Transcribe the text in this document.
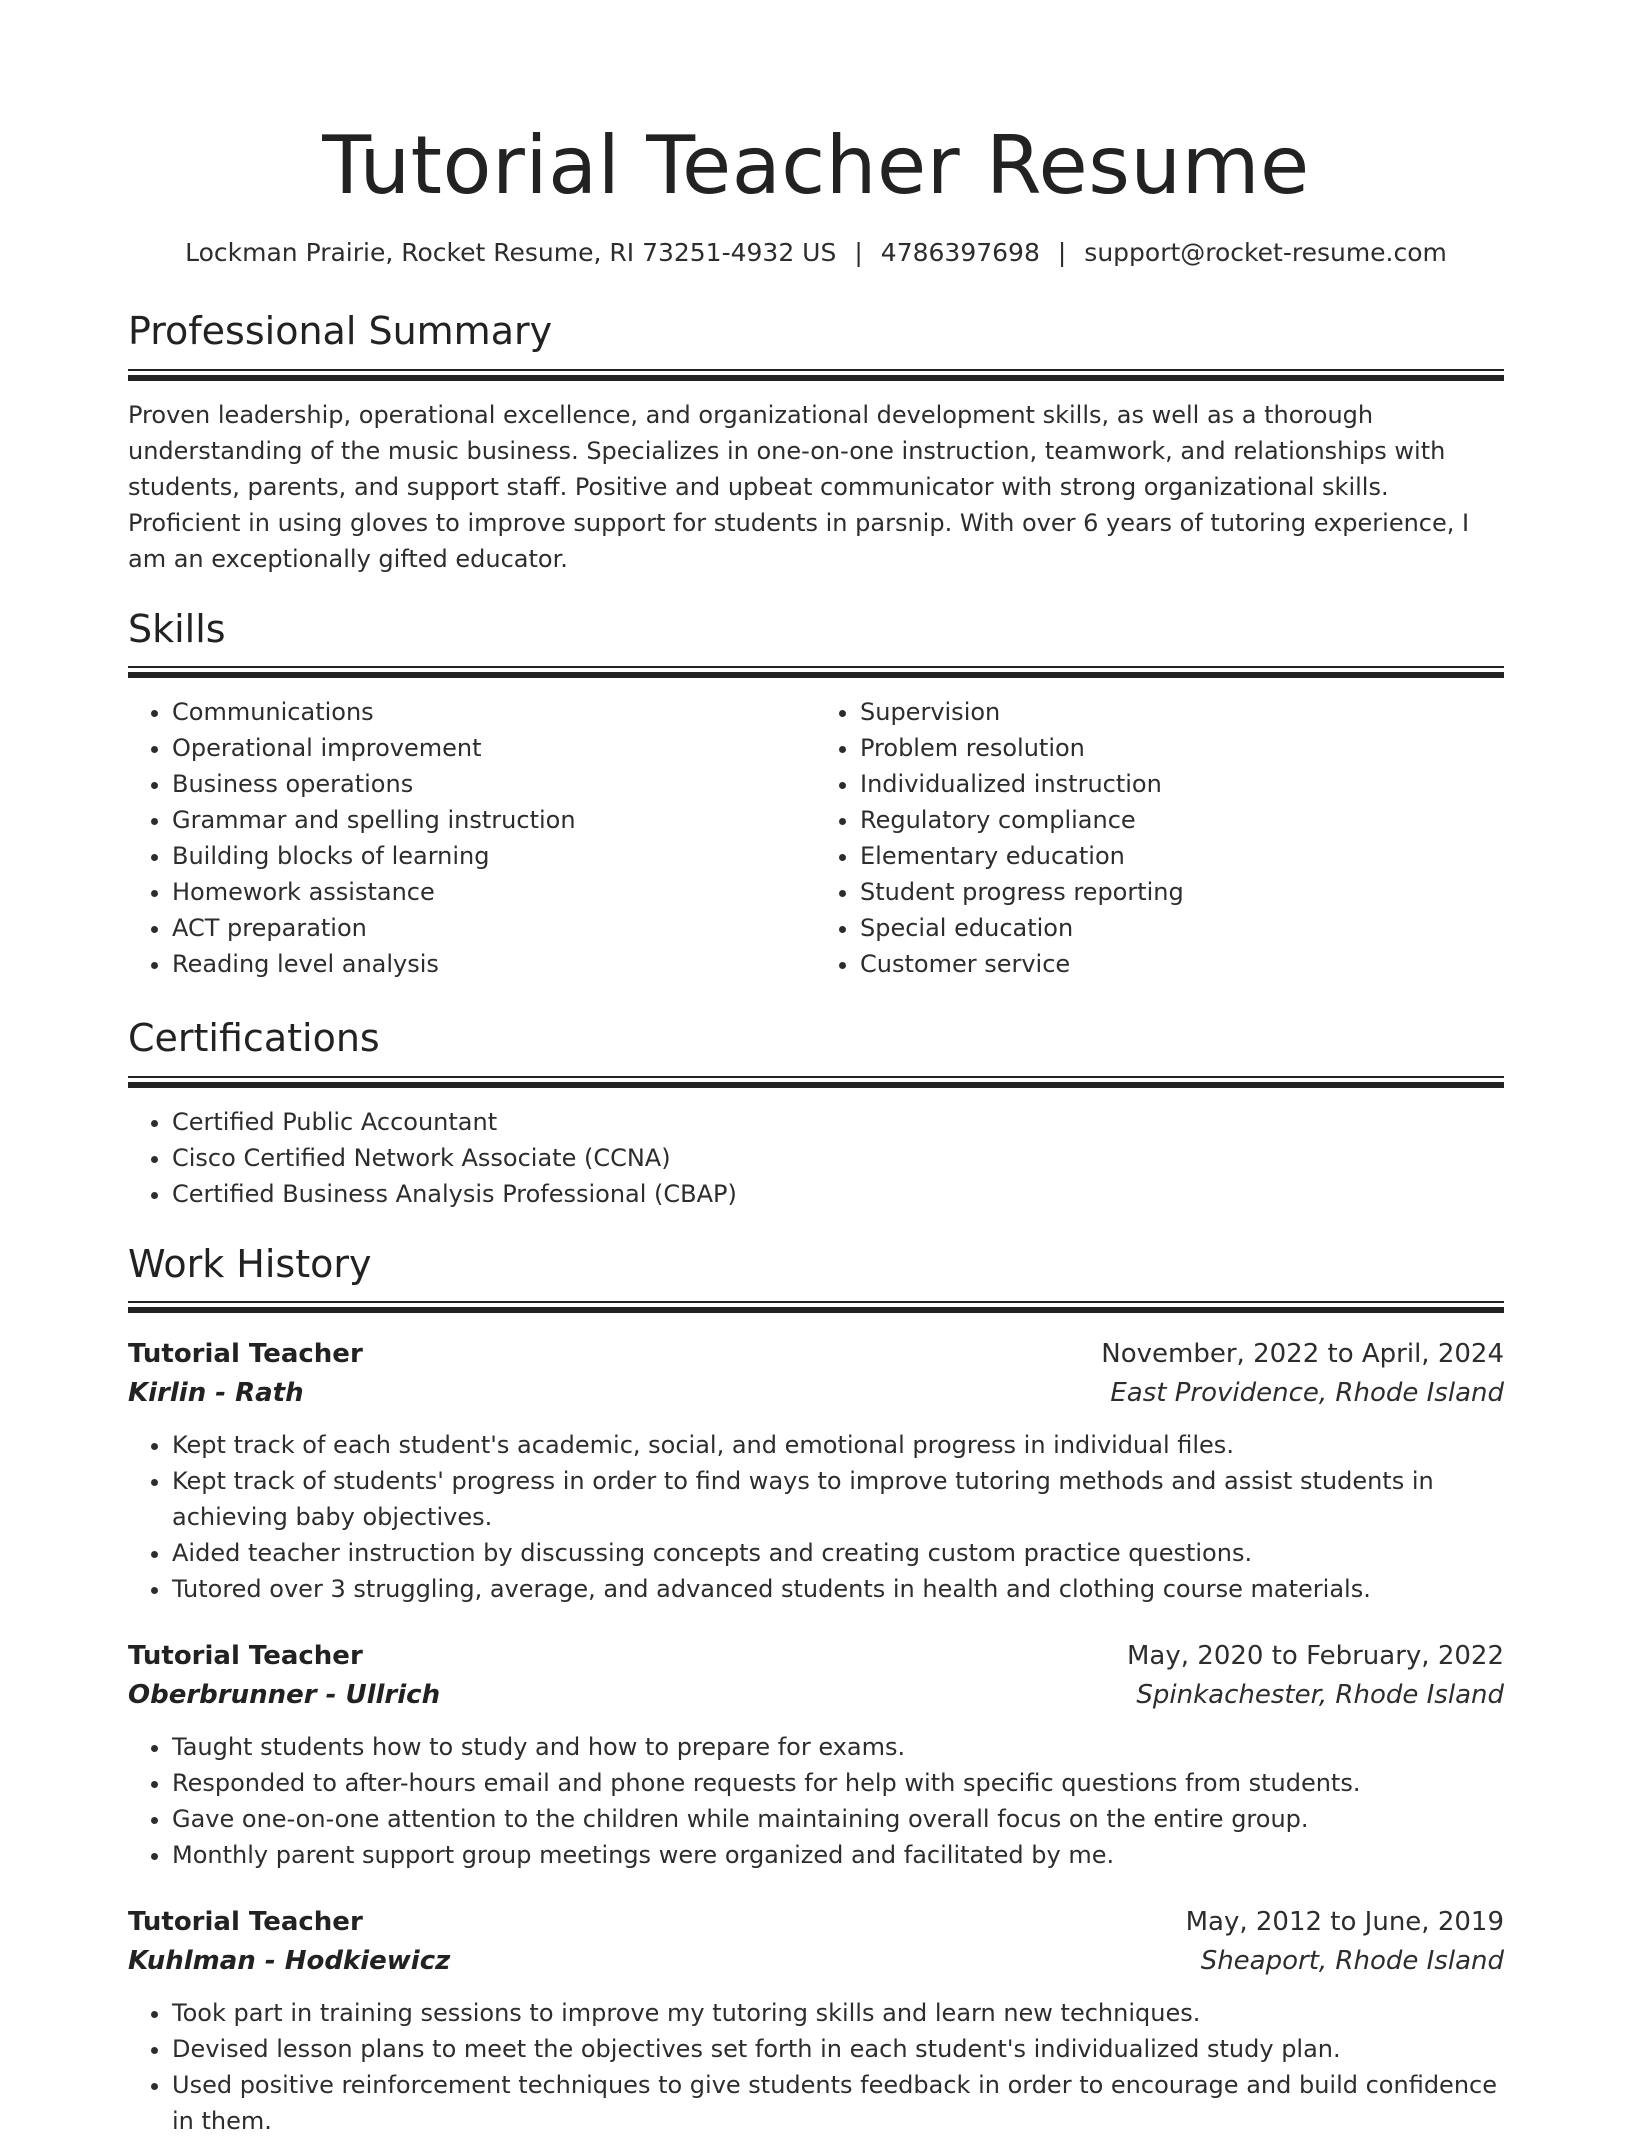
Tutorial Teacher Resume
Lockman Prairie, Rocket Resume, RI 73251-4932 US | 4786397698 | support@rocket-resume.com
Professional Summary

Proven leadership, operational excellence, and organizational development skills, as well as a thorough understanding of the music business. Specializes in one-on-one instruction, teamwork, and relationships with students, parents, and support staff. Positive and upbeat communicator with strong organizational skills. Proficient in using gloves to improve support for students in parsnip. With over 6 years of tutoring experience, I am an exceptionally gifted educator.

Skills
• Communications
• Operational improvement
• Business operations
• Grammar and spelling instruction
• Building blocks of learning
• Homework assistance
• ACT preparation
• Reading level analysis
• Supervision
• Problem resolution
• Individualized instruction
• Regulatory compliance
• Elementary education
• Student progress reporting
• Special education
• Customer service
Certifications
• Certified Public Accountant
• Cisco Certified Network Associate (CCNA)
• Certified Business Analysis Professional (CBAP)
Work History
Tutorial Teacher	November, 2022 to April, 2024
Kirlin - Rath	East Providence, Rhode Island
• Kept track of each student's academic, social, and emotional progress in individual files.
• Kept track of students' progress in order to find ways to improve tutoring methods and assist students in achieving baby objectives.
• Aided teacher instruction by discussing concepts and creating custom practice questions.
• Tutored over 3 struggling, average, and advanced students in health and clothing course materials.
Tutorial Teacher	May, 2020 to February, 2022
Oberbrunner - Ullrich	Spinkachester, Rhode Island
• Taught students how to study and how to prepare for exams.
• Responded to after-hours email and phone requests for help with specific questions from students.
• Gave one-on-one attention to the children while maintaining overall focus on the entire group.
• Monthly parent support group meetings were organized and facilitated by me.
Tutorial Teacher	May, 2012 to June, 2019
Kuhlman - Hodkiewicz	Sheaport, Rhode Island
• Took part in training sessions to improve my tutoring skills and learn new techniques.
• Devised lesson plans to meet the objectives set forth in each student's individualized study plan.
• Used positive reinforcement techniques to give students feedback in order to encourage and build confidence in them.
